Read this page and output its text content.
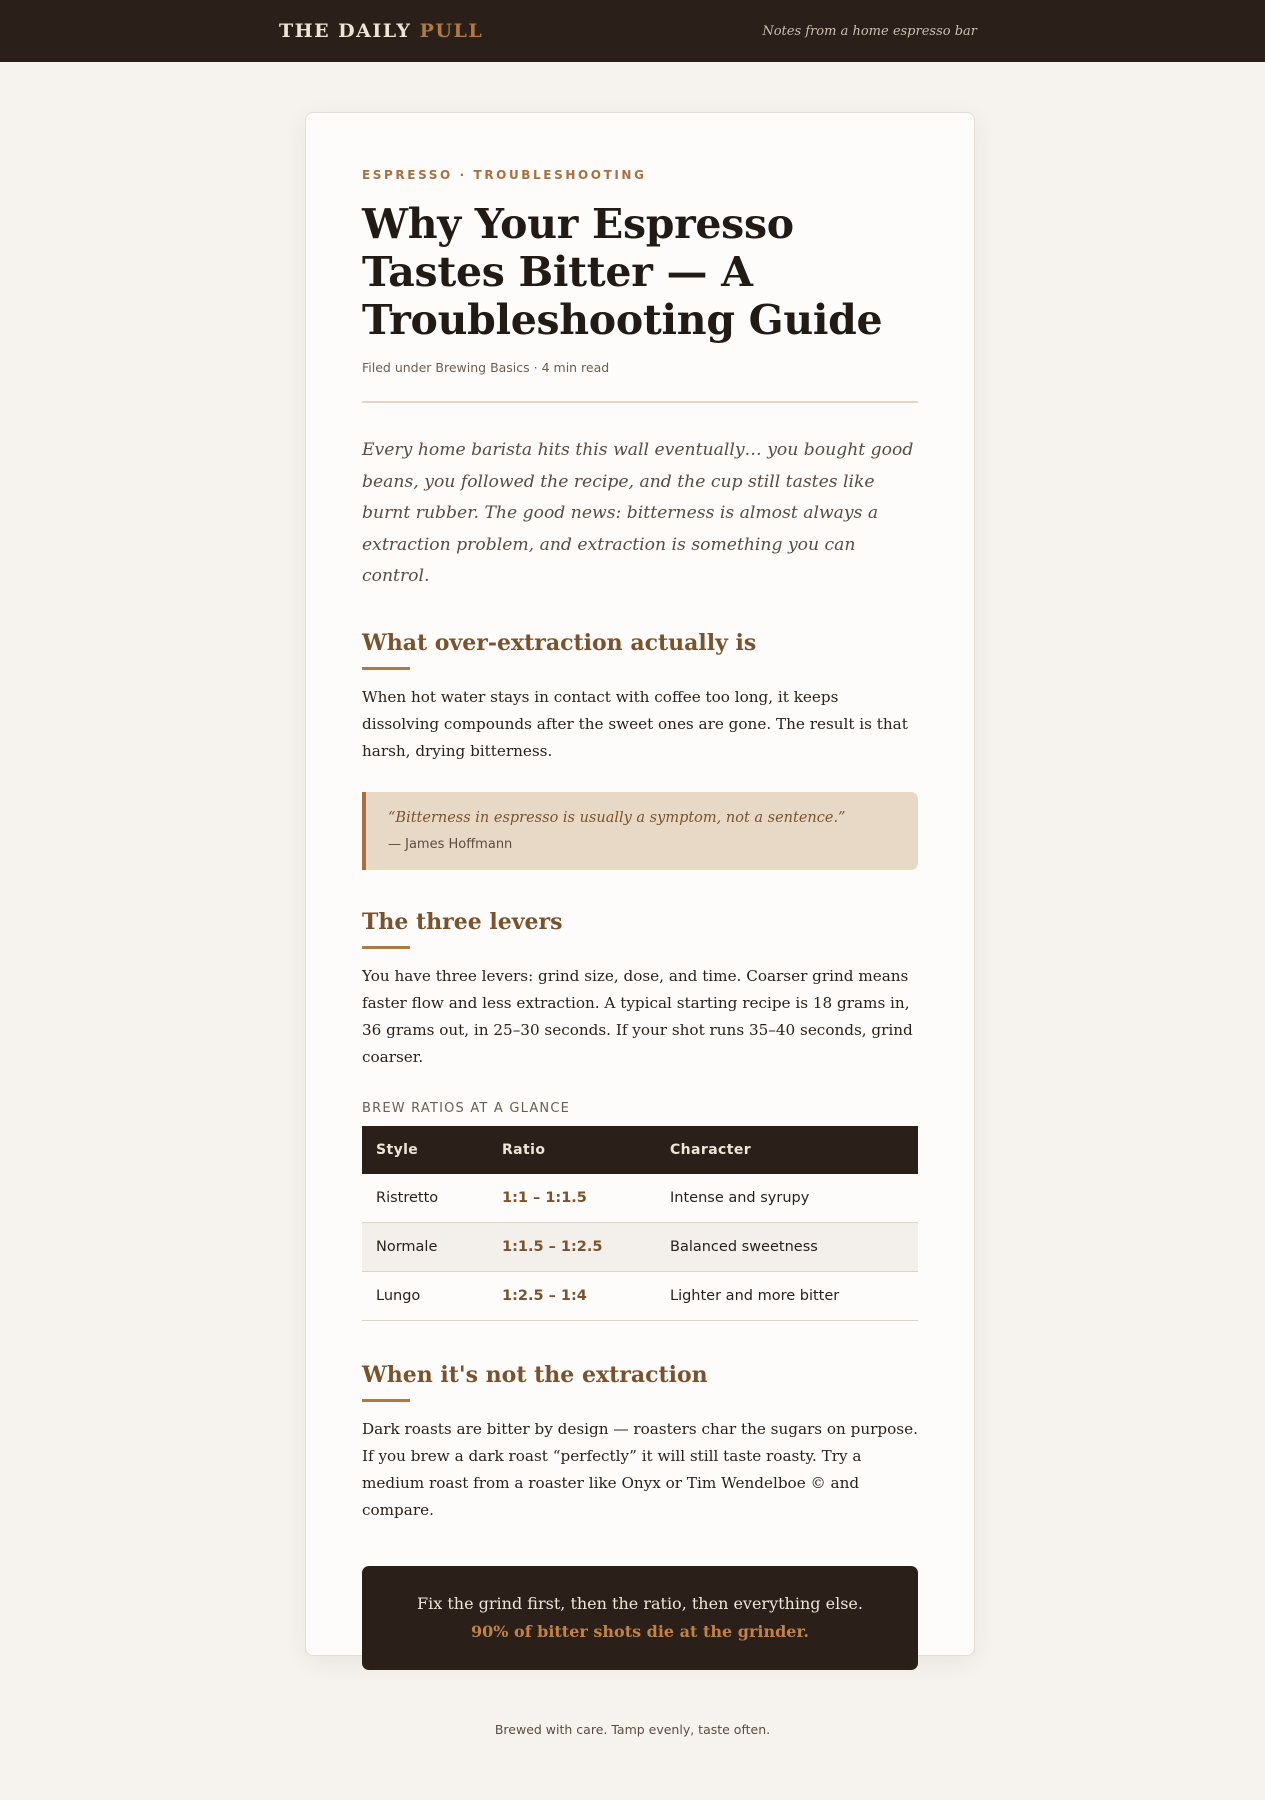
THE DAILY PULL	Notes from a home espresso bar

ESPRESSO · TROUBLESHOOTING

Why Your Espresso Tastes Bitter — A Troubleshooting Guide
Filed under Brewing Basics · 4 min read

Every home barista hits this wall eventually… you bought good beans, you followed the recipe, and the cup still tastes like burnt rubber. The good news: bitterness is almost always a extraction problem, and extraction is something you can control.

What over-extraction actually is

When hot water stays in contact with coffee too long, it keeps dissolving compounds after the sweet ones are gone. The result is that harsh, drying bitterness.

“Bitterness in espresso is usually a symptom, not a sentence.”
— James Hoffmann
The three levers

You have three levers: grind size, dose, and time. Coarser grind means faster flow and less extraction. A typical starting recipe is 18 grams in, 36 grams out, in 25–30 seconds. If your shot runs 35–40 seconds, grind coarser.

BREW RATIOS AT A GLANCE
Style	Ratio	Character
Ristretto	1:1 – 1:1.5	Intense and syrupy
Normale	1:1.5 – 1:2.5	Balanced sweetness
Lungo	1:2.5 – 1:4	Lighter and more bitter
When it's not the extraction

Dark roasts are bitter by design — roasters char the sugars on purpose. If you brew a dark roast “perfectly” it will still taste roasty. Try a medium roast from a roaster like Onyx or Tim Wendelboe © and compare.

Fix the grind first, then the ratio, then everything else. 90% of bitter shots die at the grinder.
Brewed with care. Tamp evenly, taste often.
